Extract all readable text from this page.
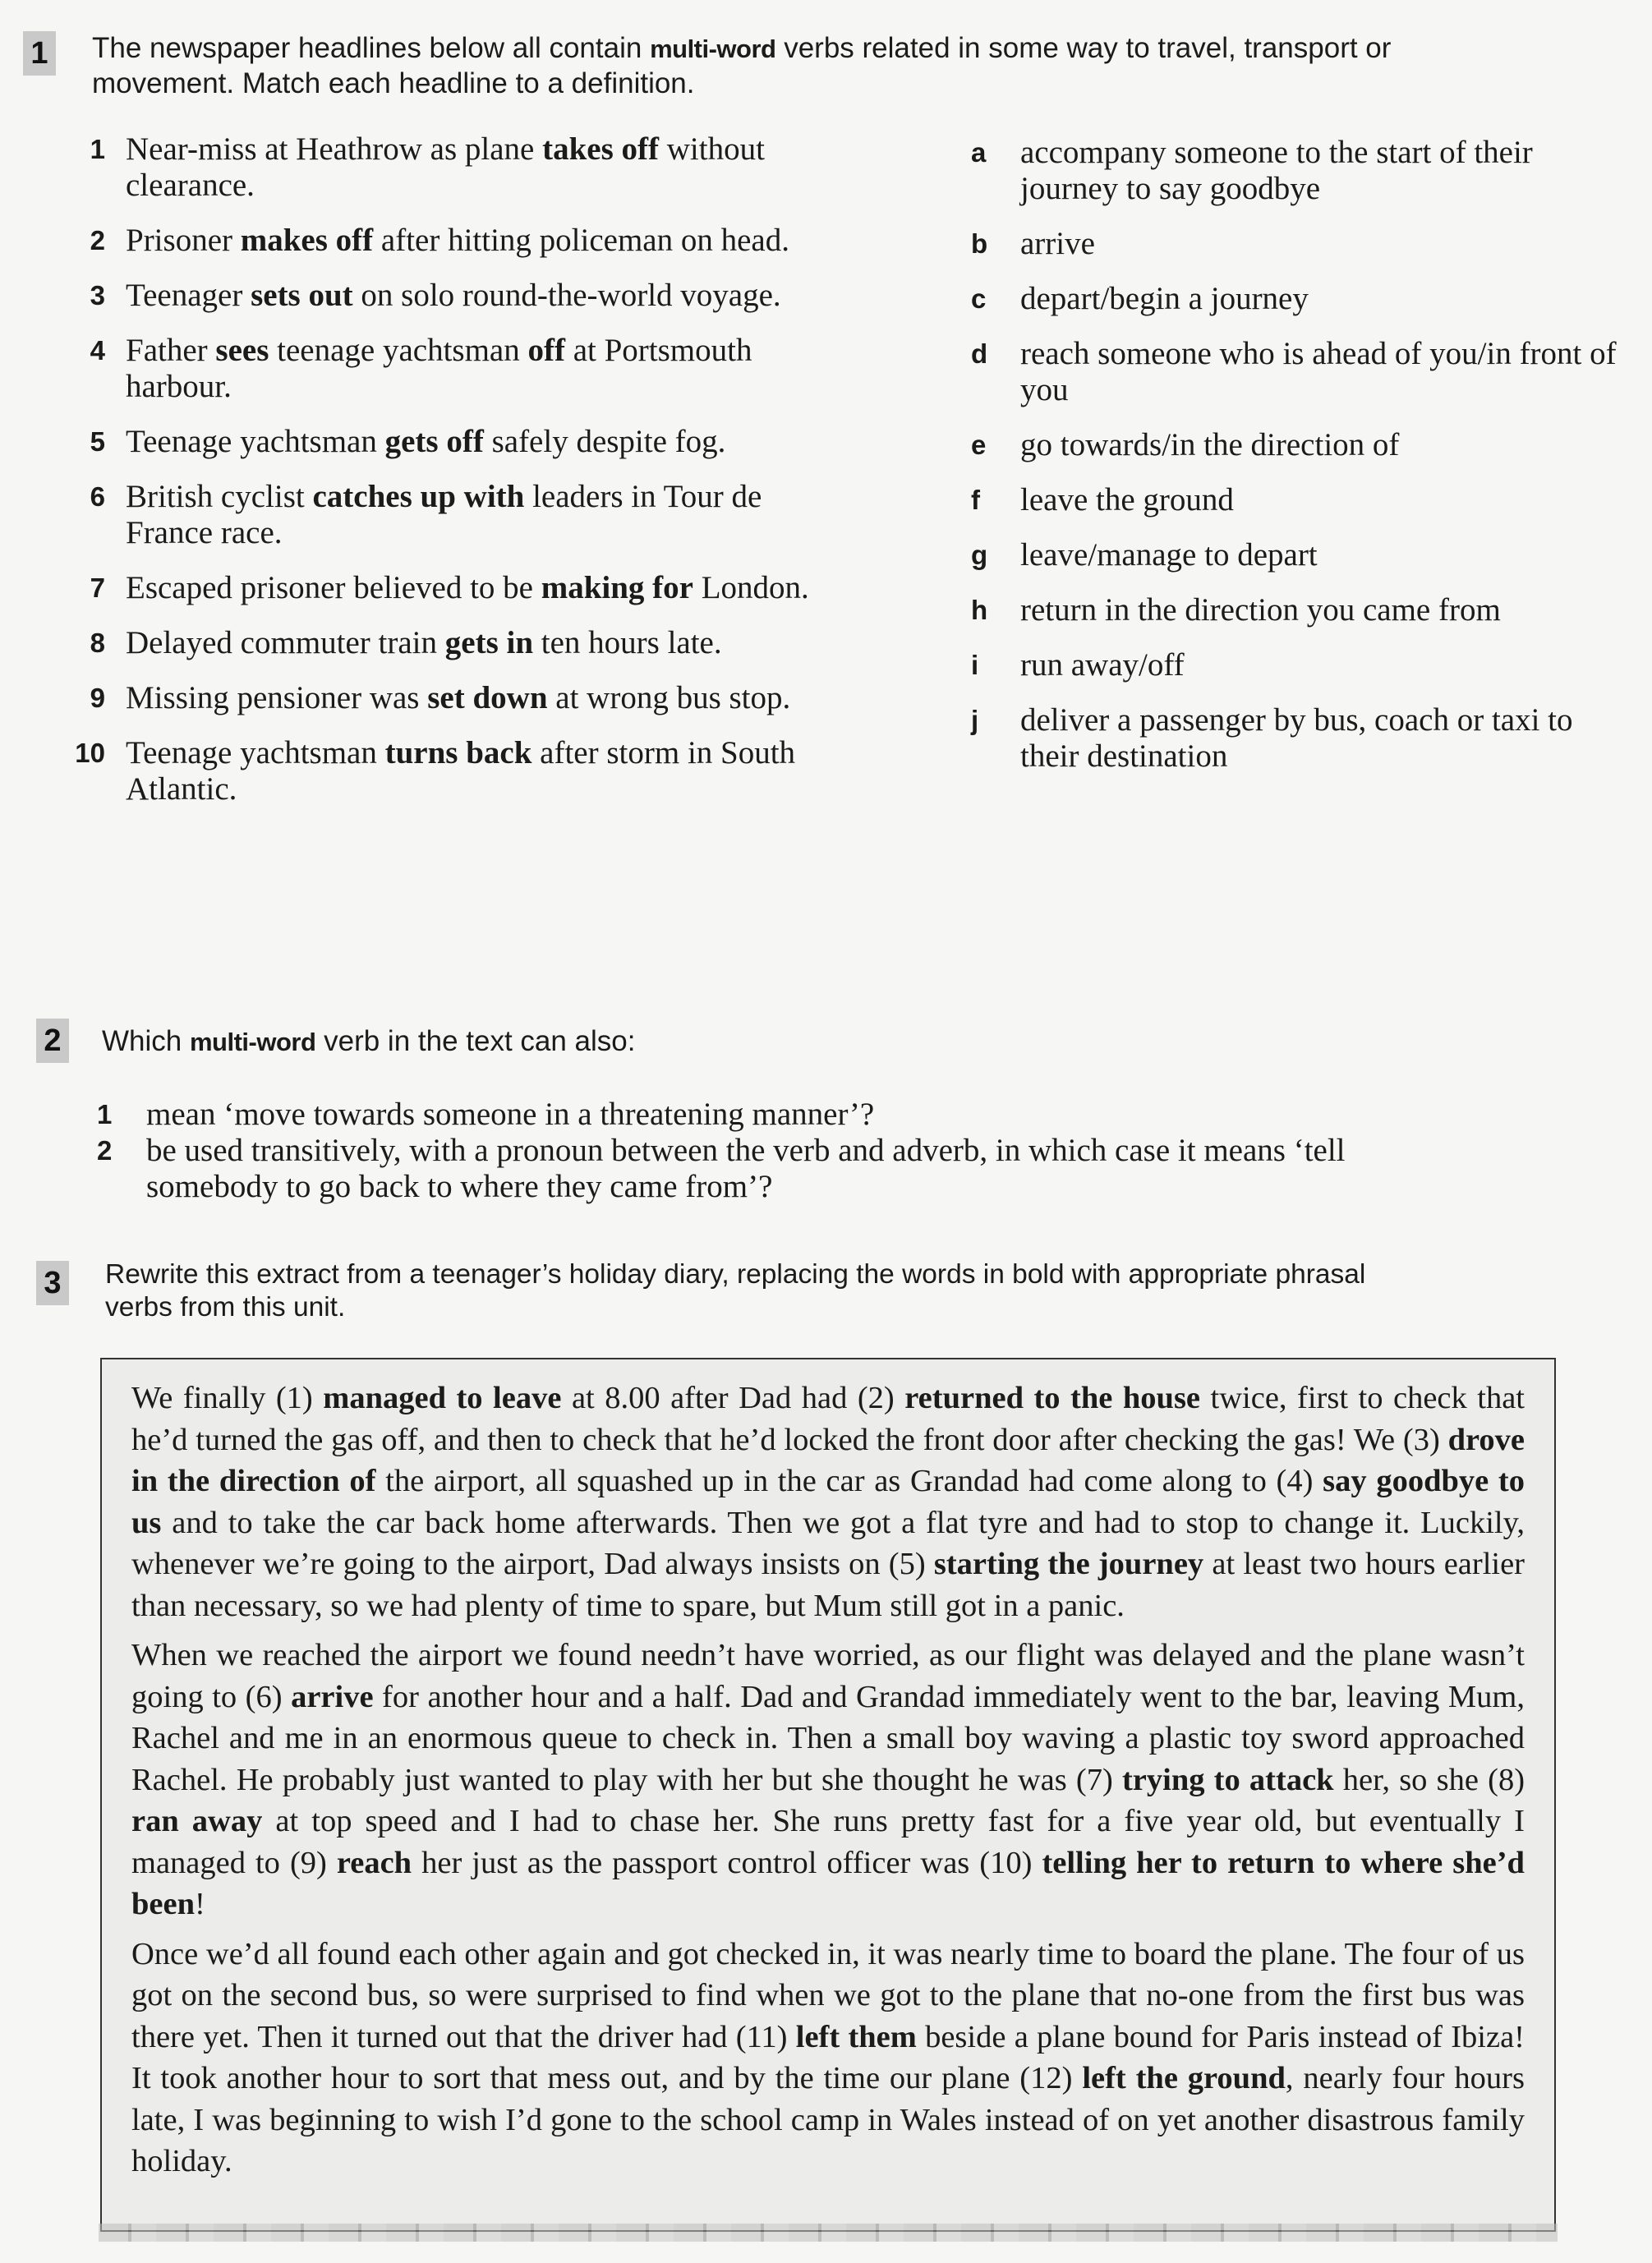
1 The newspaper headlines below all contain multi-word verbs related in some way to travel, transport or
movement. Match each headline to a definition.
1 Near-miss at Heathrow as plane takes off without clearance.
2 Prisoner makes off after hitting policeman on head.
3 Teenager sets out on solo round-the-world voyage.
4 Father sees teenage yachtsman off at Portsmouth harbour.
5 Teenage yachtsman gets off safely despite fog.
6 British cyclist catches up with leaders in Tour de France race.
7 Escaped prisoner believed to be making for London.
8 Delayed commuter train gets in ten hours late.
9 Missing pensioner was set down at wrong bus stop.
10 Teenage yachtsman turns back after storm in South Atlantic.
a accompany someone to the start of their journey to say goodbye
b arrive
c depart/begin a journey
d reach someone who is ahead of you/in front of you
e go towards/in the direction of
f leave the ground
g leave/manage to depart
h return in the direction you came from
i run away/off
j deliver a passenger by bus, coach or taxi to their destination
2 Which multi-word verb in the text can also:
1 mean ‘move towards someone in a threatening manner’?
2 be used transitively, with a pronoun between the verb and adverb, in which case it means ‘tell somebody to go back to where they came from’?
3 Rewrite this extract from a teenager’s holiday diary, replacing the words in bold with appropriate phrasal
verbs from this unit.

We finally (1) managed to leave at 8.00 after Dad had (2) returned to the house twice, first to check that he’d turned the gas off, and then to check that he’d locked the front door after checking the gas! We (3) drove in the direction of the airport, all squashed up in the car as Grandad had come along to (4) say goodbye to us and to take the car back home afterwards. Then we got a flat tyre and had to stop to change it. Luckily, whenever we’re going to the airport, Dad always insists on (5) starting the journey at least two hours earlier than necessary, so we had plenty of time to spare, but Mum still got in a panic.

When we reached the airport we found needn’t have worried, as our flight was delayed and the plane wasn’t going to (6) arrive for another hour and a half. Dad and Grandad immediately went to the bar, leaving Mum, Rachel and me in an enormous queue to check in. Then a small boy waving a plastic toy sword approached Rachel. He probably just wanted to play with her but she thought he was (7) trying to attack her, so she (8) ran away at top speed and I had to chase her. She runs pretty fast for a five year old, but eventually I managed to (9) reach her just as the passport control officer was (10) telling her to return to where she’d been!

Once we’d all found each other again and got checked in, it was nearly time to board the plane. The four of us got on the second bus, so were surprised to find when we got to the plane that no-one from the first bus was there yet. Then it turned out that the driver had (11) left them beside a plane bound for Paris instead of Ibiza! It took another hour to sort that mess out, and by the time our plane (12) left the ground, nearly four hours late, I was beginning to wish I’d gone to the school camp in Wales instead of on yet another disastrous family holiday.
